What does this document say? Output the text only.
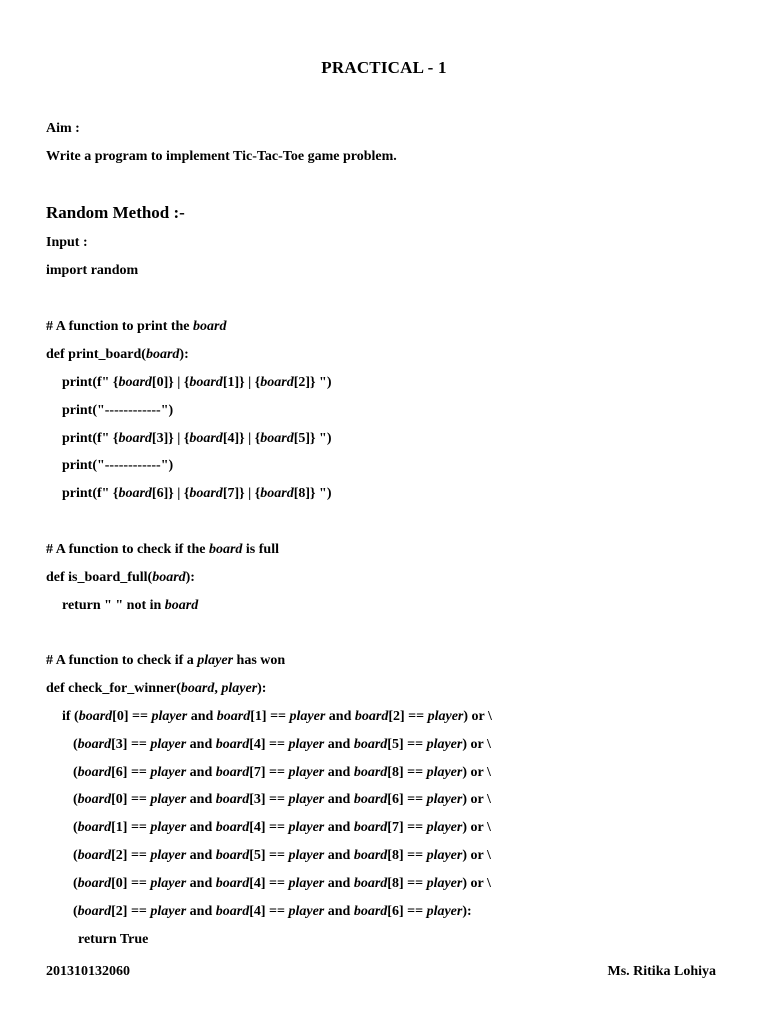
PRACTICAL - 1
Aim :
Write a program to implement Tic-Tac-Toe game problem.
Random Method :-
Input :
import random
# A function to print the board
def print_board(board):
print(f" {board[0]} | {board[1]} | {board[2]} ")
print("------------")
print(f" {board[3]} | {board[4]} | {board[5]} ")
print("------------")
print(f" {board[6]} | {board[7]} | {board[8]} ")
# A function to check if the board is full
def is_board_full(board):
return " " not in board
# A function to check if a player has won
def check_for_winner(board, player):
if (board[0] == player and board[1] == player and board[2] == player) or \
(board[3] == player and board[4] == player and board[5] == player) or \
(board[6] == player and board[7] == player and board[8] == player) or \
(board[0] == player and board[3] == player and board[6] == player) or \
(board[1] == player and board[4] == player and board[7] == player) or \
(board[2] == player and board[5] == player and board[8] == player) or \
(board[0] == player and board[4] == player and board[8] == player) or \
(board[2] == player and board[4] == player and board[6] == player):
return True
201310132060	Ms. Ritika Lohiya
